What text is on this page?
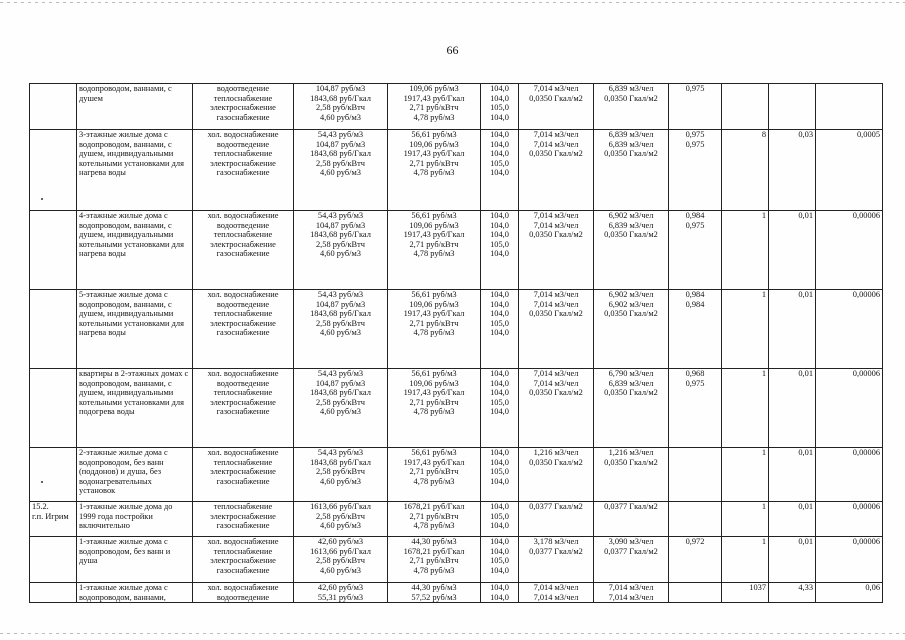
66
	водопроводом, ваннами, с душем	водоотведение
теплоснабжение
электроснабжение
газоснабжение	104,87 руб/м3
1843,68 руб/Гкал
2,58 руб/кВтч
4,60 руб/м3	109,06 руб/м3
1917,43 руб/Гкал
2,71 руб/кВтч
4,78 руб/м3	104,0
104,0
105,0
104,0	7,014 м3/чел
0,0350 Гкал/м2	6,839 м3/чел
0,0350 Гкал/м2	0,975			

	3-этажные жилые дома с водопроводом, ваннами, с душем, индивидуальными котельными установками для нагрева воды	хол. водоснабжение
водоотведение
теплоснабжение
электроснабжение
газоснабжение	54,43 руб/м3
104,87 руб/м3
1843,68 руб/Гкал
2,58 руб/кВтч
4,60 руб/м3	56,61 руб/м3
109,06 руб/м3
1917,43 руб/Гкал
2,71 руб/кВтч
4,78 руб/м3	104,0
104,0
104,0
105,0
104,0	7,014 м3/чел
7,014 м3/чел
0,0350 Гкал/м2	6,839 м3/чел
6,839 м3/чел
0,0350 Гкал/м2	0,975
0,975	8	0,03	0,0005

	4-этажные жилые дома с водопроводом, ваннами, с душем, индивидуальными котельными установками для нагрева воды	хол. водоснабжение
водоотведение
теплоснабжение
электроснабжение
газоснабжение	54,43 руб/м3
104,87 руб/м3
1843,68 руб/Гкал
2,58 руб/кВтч
4,60 руб/м3	56,61 руб/м3
109,06 руб/м3
1917,43 руб/Гкал
2,71 руб/кВтч
4,78 руб/м3	104,0
104,0
104,0
105,0
104,0	7,014 м3/чел
7,014 м3/чел
0,0350 Гкал/м2	6,902 м3/чел
6,839 м3/чел
0,0350 Гкал/м2	0,984
0,975	1	0,01	0,00006

	5-этажные жилые дома с водопроводом, ваннами, с душем, индивидуальными котельными установками для нагрева воды	хол. водоснабжение
водоотведение
теплоснабжение
электроснабжение
газоснабжение	54,43 руб/м3
104,87 руб/м3
1843,68 руб/Гкал
2,58 руб/кВтч
4,60 руб/м3	56,61 руб/м3
109,06 руб/м3
1917,43 руб/Гкал
2,71 руб/кВтч
4,78 руб/м3	104,0
104,0
104,0
105,0
104,0	7,014 м3/чел
7,014 м3/чел
0,0350 Гкал/м2	6,902 м3/чел
6,902 м3/чел
0,0350 Гкал/м2	0,984
0,984	1	0,01	0,00006

	квартиры в 2-этажных домах с водопроводом, ваннами, с душем, индивидуальными котельными установками для подогрева воды	хол. водоснабжение
водоотведение
теплоснабжение
электроснабжение
газоснабжение	54,43 руб/м3
104,87 руб/м3
1843,68 руб/Гкал
2,58 руб/кВтч
4,60 руб/м3	56,61 руб/м3
109,06 руб/м3
1917,43 руб/Гкал
2,71 руб/кВтч
4,78 руб/м3	104,0
104,0
104,0
105,0
104,0	7,014 м3/чел
7,014 м3/чел
0,0350 Гкал/м2	6,790 м3/чел
6,839 м3/чел
0,0350 Гкал/м2	0,968
0,975	1	0,01	0,00006

	2-этажные жилые дома с водопроводом, без ванн (поддонов) и душа, без водонагревательных установок	хол. водоснабжение
теплоснабжение
электроснабжение
газоснабжение	54,43 руб/м3
1843,68 руб/Гкал
2,58 руб/кВтч
4,60 руб/м3	56,61 руб/м3
1917,43 руб/Гкал
2,71 руб/кВтч
4,78 руб/м3	104,0
104,0
105,0
104,0	1,216 м3/чел
0,0350 Гкал/м2	1,216 м3/чел
0,0350 Гкал/м2		1	0,01	0,00006

15.2.
г.п. Игрим	1-этажные жилые дома до 1999 года постройки включительно	теплоснабжение
электроснабжение
газоснабжение	1613,66 руб/Гкал
2,58 руб/кВтч
4,60 руб/м3	1678,21 руб/Гкал
2,71 руб/кВтч
4,78 руб/м3	104,0
105,0
104,0	0,0377 Гкал/м2	0,0377 Гкал/м2		1	0,01	0,00006

	1-этажные жилые дома с водопроводом, без ванн и душа	хол. водоснабжение
теплоснабжение
электроснабжение
газоснабжение	42,60 руб/м3
1613,66 руб/Гкал
2,58 руб/кВтч
4,60 руб/м3	44,30 руб/м3
1678,21 руб/Гкал
2,71 руб/кВтч
4,78 руб/м3	104,0
104,0
105,0
104,0	3,178 м3/чел
0,0377 Гкал/м2	3,090 м3/чел
0,0377 Гкал/м2	0,972	1	0,01	0,00006

	1-этажные жилые дома с водопроводом, ваннами,	хол. водоснабжение
водоотведение	42,60 руб/м3
55,31 руб/м3	44,30 руб/м3
57,52 руб/м3	104,0
104,0	7,014 м3/чел
7,014 м3/чел	7,014 м3/чел
7,014 м3/чел		1037	4,33	0,06
